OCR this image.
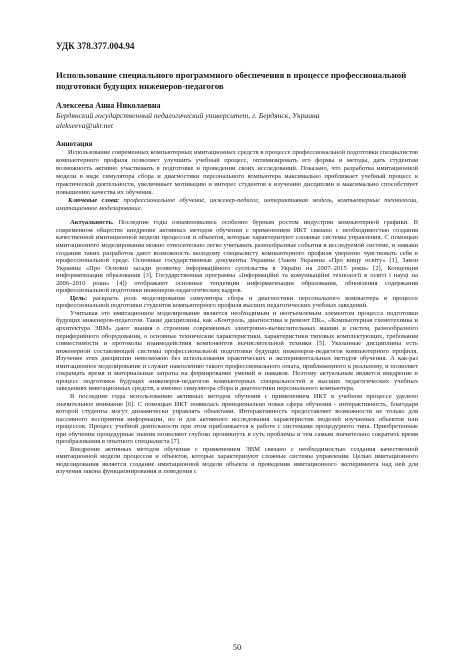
УДК 378.377.004.94

Использование специального программного обеспечения в процессе профессиональной подготовки будущих инженеров-педагогов

Алексеева Анна Николаевна

Бердянский государственный педагогический университет, г. Бердянск, Украина

alekseeva@ukr.net

Аннотация

Использование современных компьютерных имитационных средств в процессе профессиональной подготовки специалистов компьютерного профиля позволяет улучшить учебный процесс, оптимизировать его формы и методы, дать студентам возможность активно участвовать в подготовке и проведении своих исследований. Показано, что разработка имитационной модели в виде симулятора сбора и диагностики персонального компьютера максимально приближает учебный процесс к практической деятельности, увеличивает мотивацию и интерес студентов к изучению дисциплин и максимально способствует повышению качества их обучения.

Ключевые слова: профессиональное обучение, инженер-педагог, интерактивная модель, компьютерные технологии, имитационное моделирование.

Актуальность. Последние годы ознаменовались особенно бурным ростом индустрии компьютерной графики. В современном обществе внедрение активных методов обучения с применением ИКТ связано с необходимостью создания качественной имитационной модели процессов и объектов, которые характеризуют сложные системы управления. С помощью имитационного моделирования можно относительно легко учитывать разнообразные события в исследуемой системе, и навыки создания таких разработок дают возможность молодому специалисту компьютерного профиля уверенно чувствовать себя в профессиональной среде. Основные государственные документы Украины (Закон Украины «Про вищу освіту» [1], Закон Украины «Про Основні засади розвитку інформаційного суспільства в Україні на 2007–2015 роки» [2], Концепция информатизации образования [3], Государственная программа «Інформаційні та комунікаційні технології в освіті і науці на 2006–2010 роки» [4]) отображают основные тенденции информатизации образования, обновления содержания профессиональной подготовки инженеров-педагогических кадров.

Цель: раскрыть роль моделирования симулятора сбора и диагностики персонального компьютера в процессе профессиональной подготовки студентов компьютерного профиля высших педагогических учебных заведений.

Учитывая это имитационное моделирование является необходимым и неотъемлемым элементом процесса подготовки будущих инженеров-педагогов. Такие дисциплины, как «Контроль, диагностика и ремонт ПК», «Компьютерная схемотехника и архитектура ЭВМ» дают знания о строении современных электронно-вычислительных машин и систем, разнообразного периферийного оборудования, о основные технические характеристики, характеристики типовых комплектующих, требования совместимости и протоколы взаимодействия компонентов вычислительной техники [5]. Указанные дисциплины есть инженерной составляющей системы профессиональной подготовки будущих инженеров-педагогов компьютерного профиля. Изучение этих дисциплин невозможно без использования практических и экспериментальных методов обучения. А как-раз имитационное моделирование и служит накоплению такого профессионального опыта, приближенного к реальному, и позволяет сокращать время и материальные затраты на формирование умений и навыков. Поэтому актуальным является внедрение в процесс подготовки будущих инженеров-педагогов компьютерных специальностей в высших педагогических учебных заведениях имитационных средств, а именно симулятора сбора и диагностики персонального компьютера.

В последние годы использованию активных методов обучения с применением ИКТ в учебном процессе уделено значительное внимание [6]. С помощью ИКТ появилась принципиально новая сфера обучения - интерактивность, благодаря которой студенты могут динамически управлять объектами. Интерактивность предоставляет возможности не только для пассивного восприятия информации, но и для активного исследования характеристик моделей изучаемых объектов или процессов. Процесс учебной деятельности при этом приближается к работе с системами процедурного типа. Приобретенные при обучении процедурные знания позволяют глубоко проникнуть в суть проблемы и тем самым значительно сократить время преобразования в опытного специалиста [7].

Внедрение активных методов обучения с применением ЭВМ связано с необходимостью создания качественной имитационной модели процессов и объектов, которые характеризуют сложные системы управления. Целью имитационного моделирования является создание имитационной модели объекта и проведения имитационного эксперимента над ней для изучения закона функционирования и поведения с

50
